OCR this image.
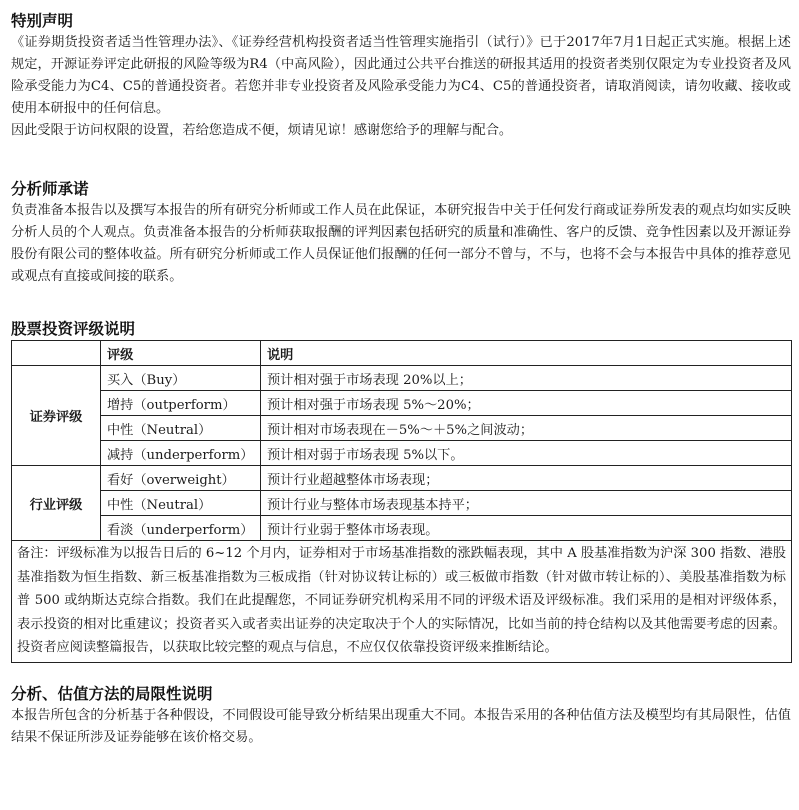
特别声明

《证券期货投资者适当性管理办法》、《证券经营机构投资者适当性管理实施指引（试行）》已于2017年7月1日起正式实施。根据上述规定，开源证券评定此研报的风险等级为R4（中高风险），因此通过公共平台推送的研报其适用的投资者类别仅限定为专业投资者及风险承受能力为C4、C5的普通投资者。若您并非专业投资者及风险承受能力为C4、C5的普通投资者，请取消阅读，请勿收藏、接收或使用本研报中的任何信息。

因此受限于访问权限的设置，若给您造成不便，烦请见谅！感谢您给予的理解与配合。

分析师承诺

负责准备本报告以及撰写本报告的所有研究分析师或工作人员在此保证，本研究报告中关于任何发行商或证券所发表的观点均如实反映分析人员的个人观点。负责准备本报告的分析师获取报酬的评判因素包括研究的质量和准确性、客户的反馈、竞争性因素以及开源证券股份有限公司的整体收益。所有研究分析师或工作人员保证他们报酬的任何一部分不曾与，不与，也将不会与本报告中具体的推荐意见或观点有直接或间接的联系。

股票投资评级说明
	评级	说明
证券评级	买入（Buy）	预计相对强于市场表现 20%以上；
	增持（outperform）	预计相对强于市场表现 5%～20%；
	中性（Neutral）	预计相对市场表现在－5%～＋5%之间波动；
	减持（underperform）	预计相对弱于市场表现 5%以下。
行业评级	看好（overweight）	预计行业超越整体市场表现；
	中性（Neutral）	预计行业与整体市场表现基本持平；
	看淡（underperform）	预计行业弱于整体市场表现。
备注：评级标准为以报告日后的 6~12 个月内，证券相对于市场基准指数的涨跌幅表现，其中 A 股基准指数为沪深 300 指数、港股基准指数为恒生指数、新三板基准指数为三板成指（针对协议转让标的）或三板做市指数（针对做市转让标的）、美股基准指数为标普 500 或纳斯达克综合指数。我们在此提醒您，不同证券研究机构采用不同的评级术语及评级标准。我们采用的是相对评级体系，表示投资的相对比重建议；投资者买入或者卖出证券的决定取决于个人的实际情况，比如当前的持仓结构以及其他需要考虑的因素。投资者应阅读整篇报告，以获取比较完整的观点与信息，不应仅仅依靠投资评级来推断结论。		
分析、估值方法的局限性说明

本报告所包含的分析基于各种假设，不同假设可能导致分析结果出现重大不同。本报告采用的各种估值方法及模型均有其局限性，估值结果不保证所涉及证券能够在该价格交易。
